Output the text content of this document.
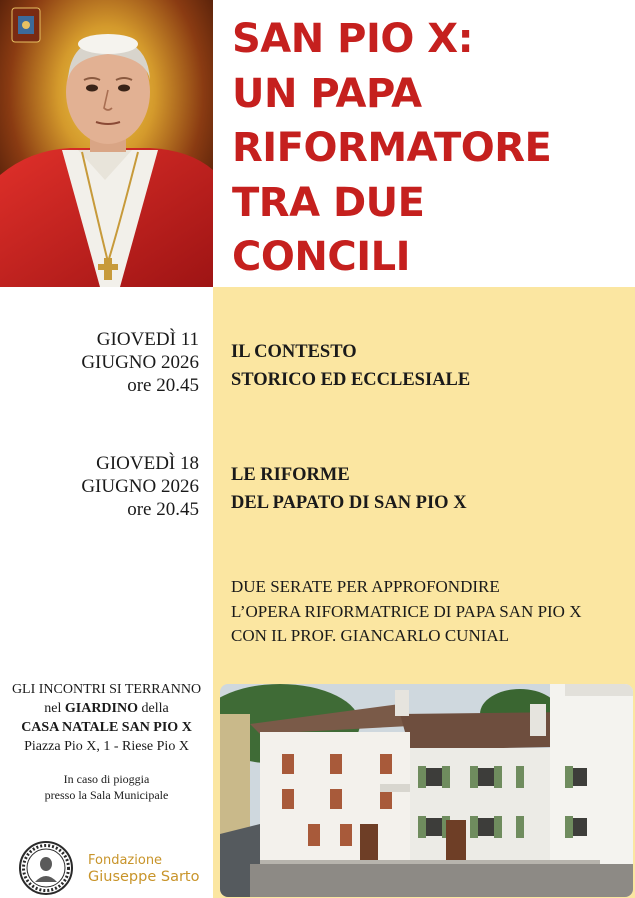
SAN PIO X:
UN PAPA
RIFORMATORE
TRA DUE
CONCILI
GIOVEDÌ 11
GIUGNO 2026
ore 20.45
IL CONTESTO
STORICO ED ECCLESIALE
GIOVEDÌ 18
GIUGNO 2026
ore 20.45
LE RIFORME
DEL PAPATO DI SAN PIO X
DUE SERATE PER APPROFONDIRE
L’OPERA RIFORMATRICE DI PAPA SAN PIO X
CON IL PROF. GIANCARLO CUNIAL
GLI INCONTRI SI TERRANNO
nel GIARDINO della
CASA NATALE SAN PIO X
Piazza Pio X, 1 - Riese Pio X
In caso di pioggia
presso la Sala Municipale
Fondazione
Giuseppe Sarto
